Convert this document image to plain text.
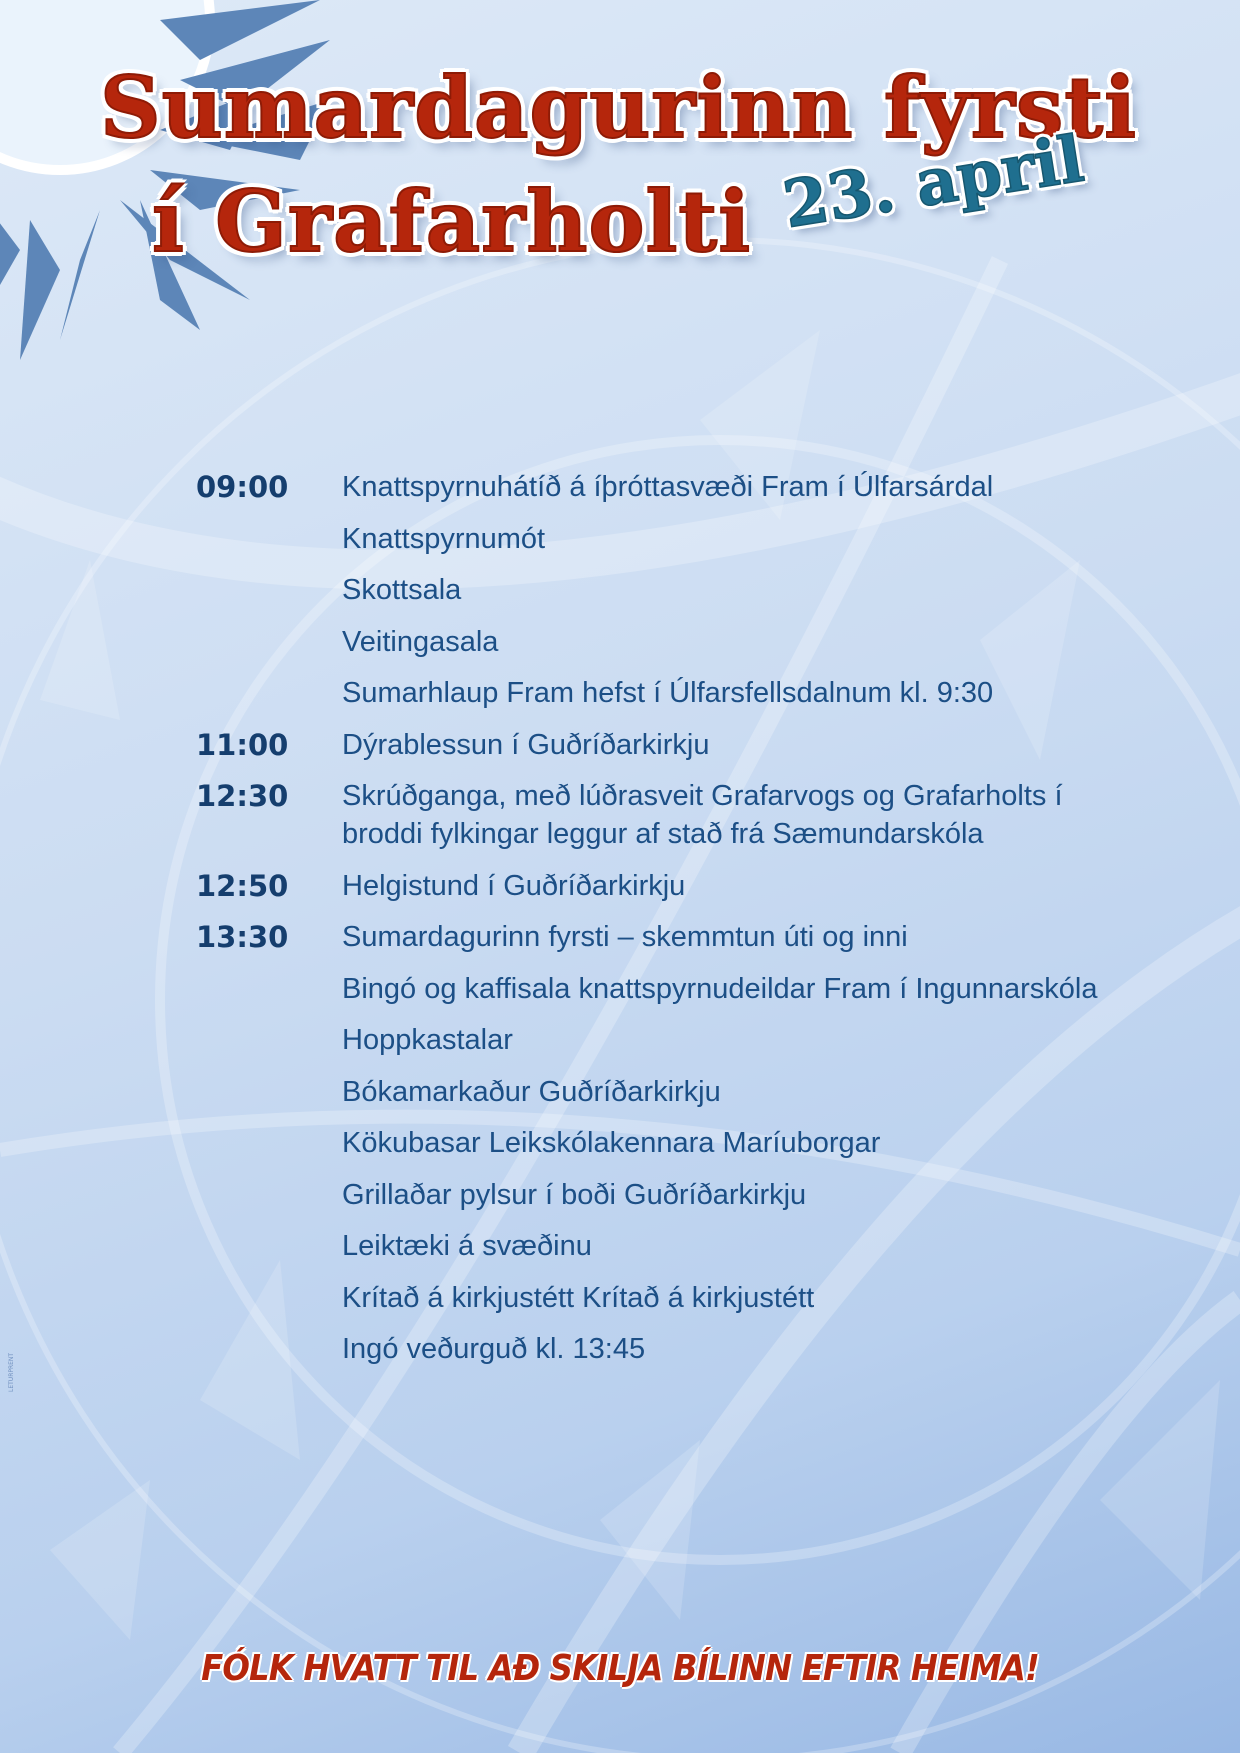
Sumardagurinn fyrsti
í Grafarholti 23. april
09:00	Knattspyrnuhátíð á íþróttasvæði Fram í Úlfarsárdal
Knattspyrnumót
Skottsala
Veitingasala
Sumarhlaup Fram hefst í Úlfarsfellsdalnum kl. 9:30
11:00	Dýrablessun í Guðríðarkirkju
12:30	Skrúðganga, með lúðrasveit Grafarvogs og Grafarholts í broddi fylkingar leggur af stað frá Sæmundarskóla
12:50	Helgistund í Guðríðarkirkju
13:30	Sumardagurinn fyrsti – skemmtun úti og inni
Bingó og kaffisala knattspyrnudeildar Fram í Ingunnarskóla
Hoppkastalar
Bókamarkaður Guðríðarkirkju
Kökubasar Leikskólakennara Maríuborgar
Grillaðar pylsur í boði Guðríðarkirkju
Leiktæki á svæðinu
Krítað á kirkjustétt Krítað á kirkjustétt
Ingó veðurguð kl. 13:45

FÓLK HVATT TIL AÐ SKILJA BÍLINN EFTIR HEIMA!

LETURPRENT
